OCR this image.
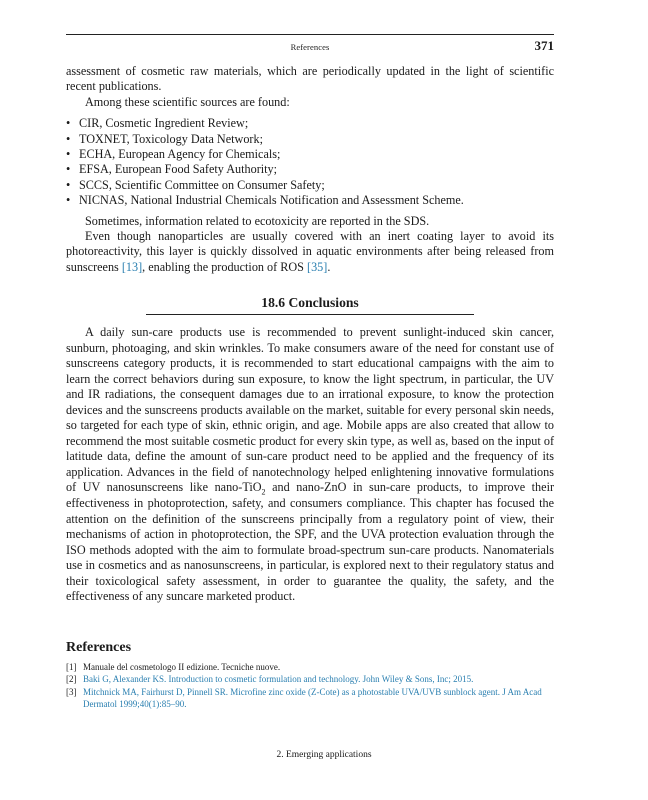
References	371

assessment of cosmetic raw materials, which are periodically updated in the light of scientific recent publications.

Among these scientific sources are found:

• CIR, Cosmetic Ingredient Review;
• TOXNET, Toxicology Data Network;
• ECHA, European Agency for Chemicals;
• EFSA, European Food Safety Authority;
• SCCS, Scientific Committee on Consumer Safety;
• NICNAS, National Industrial Chemicals Notification and Assessment Scheme.

Sometimes, information related to ecotoxicity are reported in the SDS.

Even though nanoparticles are usually covered with an inert coating layer to avoid its photoreactivity, this layer is quickly dissolved in aquatic environments after being released from sunscreens [13], enabling the production of ROS [35].

18.6 Conclusions

A daily sun-care products use is recommended to prevent sunlight-induced skin cancer, sunburn, photoaging, and skin wrinkles. To make consumers aware of the need for constant use of sunscreens category products, it is recommended to start educational campaigns with the aim to learn the correct behaviors during sun exposure, to know the light spectrum, in particular, the UV and IR radiations, the consequent damages due to an irrational exposure, to know the protection devices and the sunscreens products available on the market, suitable for every personal skin needs, so targeted for each type of skin, ethnic origin, and age. Mobile apps are also created that allow to recommend the most suitable cosmetic product for every skin type, as well as, based on the input of latitude data, define the amount of sun-care product need to be applied and the frequency of its application. Advances in the field of nanotechnology helped enlightening innovative formulations of UV nanosunscreens like nano-TiO$_2$ and nano-ZnO in sun-care products, to improve their effectiveness in photoprotection, safety, and consumers compliance. This chapter has focused the attention on the definition of the sunscreens principally from a regulatory point of view, their mechanisms of action in photoprotection, the SPF, and the UVA protection evaluation through the ISO methods adopted with the aim to formulate broad-spectrum sun-care products. Nanomaterials use in cosmetics and as nanosunscreens, in particular, is explored next to their regulatory status and their toxicological safety assessment, in order to guarantee the quality, the safety, and the effectiveness of any suncare marketed product.

References
[1] Manuale del cosmetologo II edizione. Tecniche nuove.
[2] Baki G, Alexander KS. Introduction to cosmetic formulation and technology. John Wiley & Sons, Inc; 2015.
[3] Mitchnick MA, Fairhurst D, Pinnell SR. Microfine zinc oxide (Z-Cote) as a photostable UVA/UVB sunblock agent. J Am Acad Dermatol 1999;40(1):85–90.
2. Emerging applications
